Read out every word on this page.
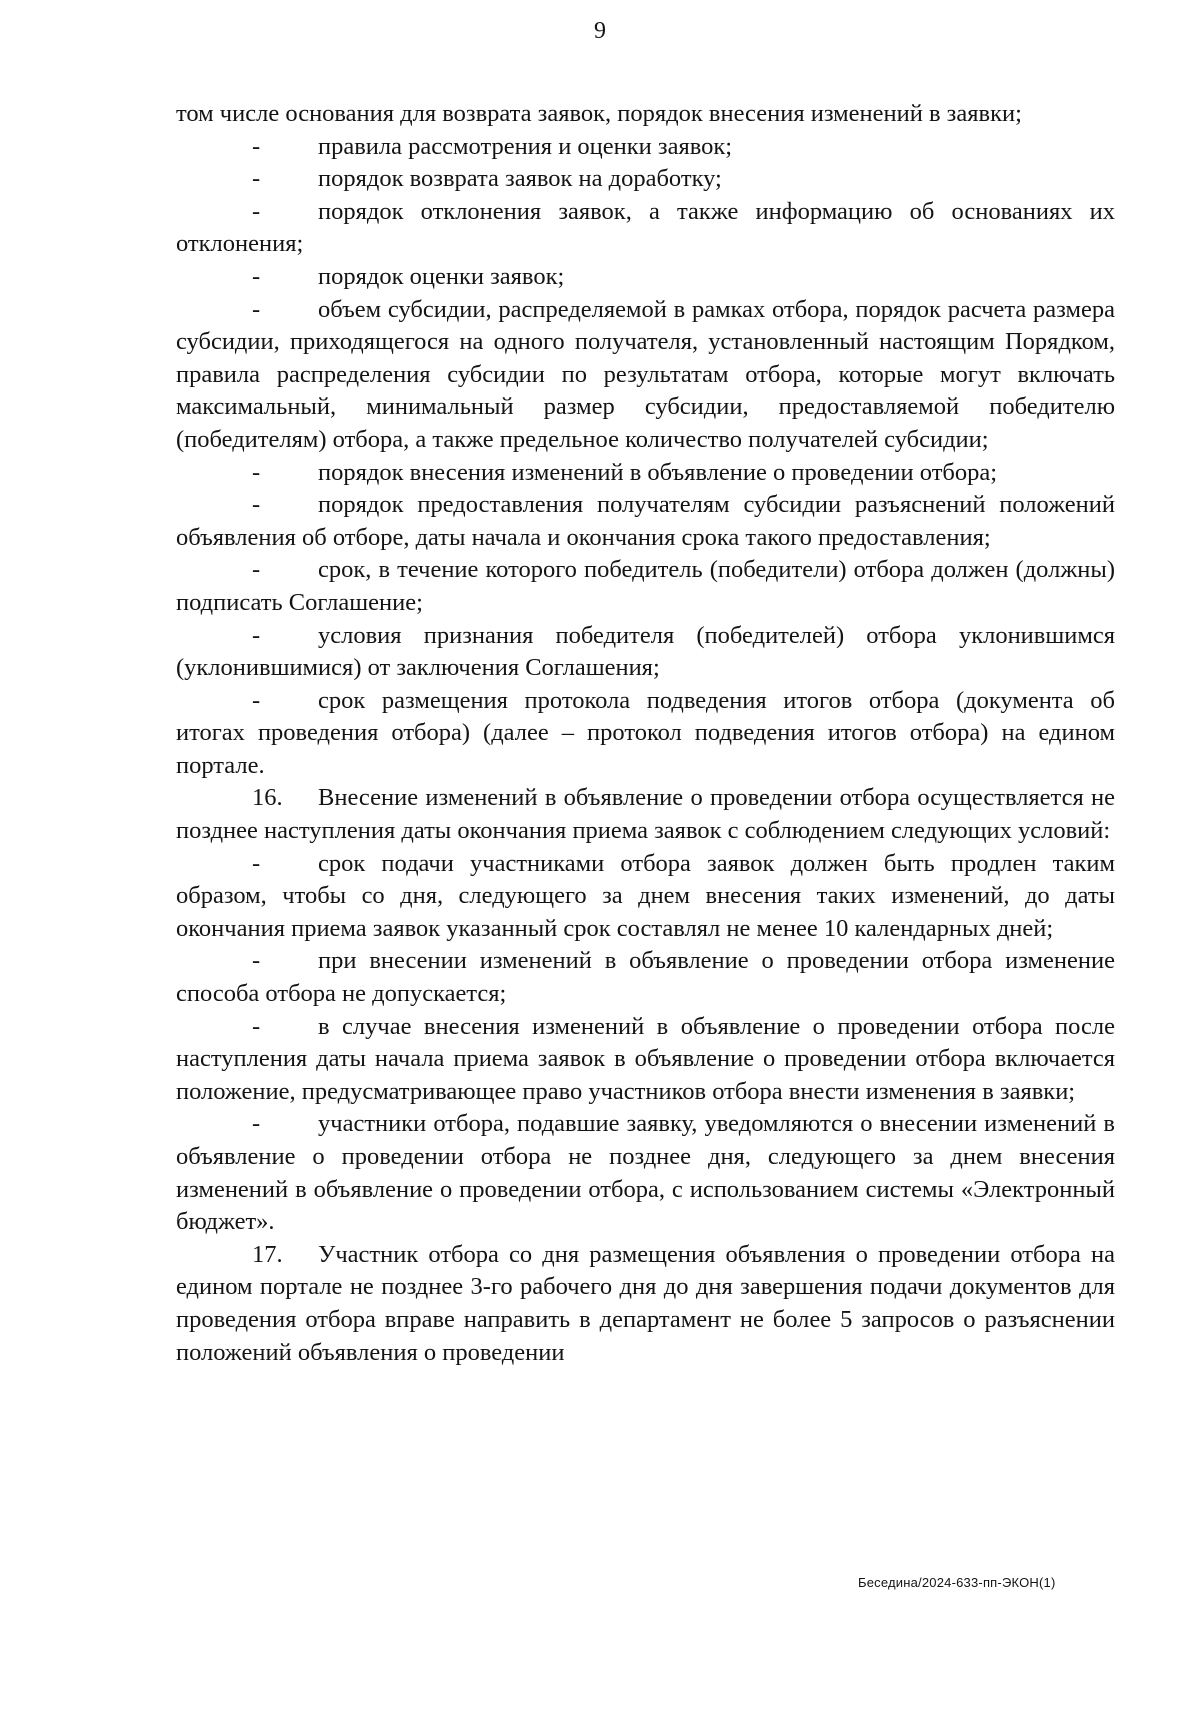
9

том числе основания для возврата заявок, порядок внесения изменений в заявки;

- правила рассмотрения и оценки заявок;

- порядок возврата заявок на доработку;

- порядок отклонения заявок, а также информацию об основаниях их отклонения;

- порядок оценки заявок;

- объем субсидии, распределяемой в рамках отбора, порядок расчета размера субсидии, приходящегося на одного получателя, установленный настоящим Порядком, правила распределения субсидии по результатам отбора, которые могут включать максимальный, минимальный размер субсидии, предоставляемой победителю (победителям) отбора, а также предельное количество получателей субсидии;

- порядок внесения изменений в объявление о проведении отбора;

- порядок предоставления получателям субсидии разъяснений положений объявления об отборе, даты начала и окончания срока такого предоставления;

- срок, в течение которого победитель (победители) отбора должен (должны) подписать Соглашение;

- условия признания победителя (победителей) отбора уклонившимся (уклонившимися) от заключения Соглашения;

- срок размещения протокола подведения итогов отбора (документа об итогах проведения отбора) (далее – протокол подведения итогов отбора) на едином портале.

16. Внесение изменений в объявление о проведении отбора осуществляется не позднее наступления даты окончания приема заявок с соблюдением следующих условий:

- срок подачи участниками отбора заявок должен быть продлен таким образом, чтобы со дня, следующего за днем внесения таких изменений, до даты окончания приема заявок указанный срок составлял не менее 10 календарных дней;

- при внесении изменений в объявление о проведении отбора изменение способа отбора не допускается;

- в случае внесения изменений в объявление о проведении отбора после наступления даты начала приема заявок в объявление о проведении отбора включается положение, предусматривающее право участников отбора внести изменения в заявки;

- участники отбора, подавшие заявку, уведомляются о внесении изменений в объявление о проведении отбора не позднее дня, следующего за днем внесения изменений в объявление о проведении отбора, с использованием системы «Электронный бюджет».

17. Участник отбора со дня размещения объявления о проведении отбора на едином портале не позднее 3-го рабочего дня до дня завершения подачи документов для проведения отбора вправе направить в департамент не более 5 запросов о разъяснении положений объявления о проведении

Беседина/2024-633-пп-ЭКОН(1)
